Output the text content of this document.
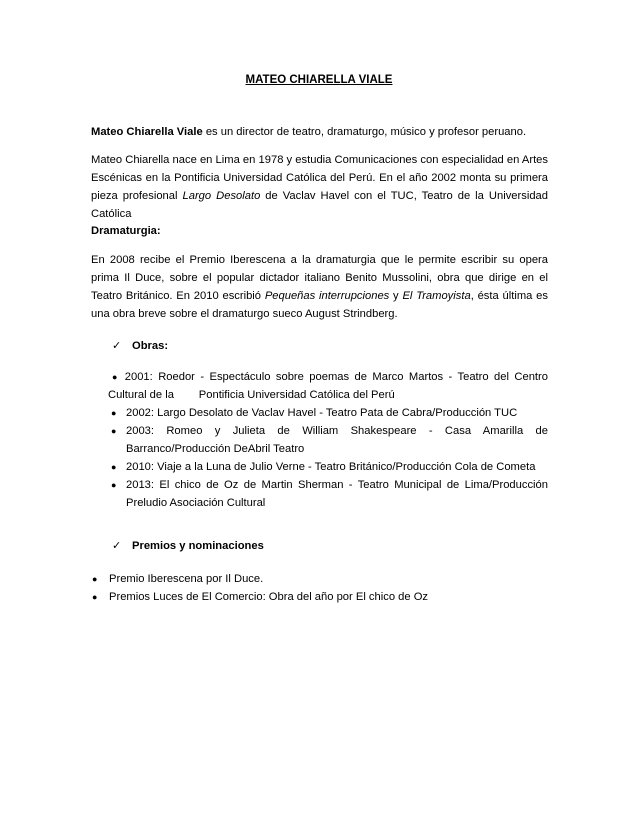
MATEO CHIARELLA VIALE

Mateo Chiarella Viale es un director de teatro, dramaturgo, músico y profesor peruano.

Mateo Chiarella nace en Lima en 1978 y estudia Comunicaciones con especialidad en Artes Escénicas en la Pontificia Universidad Católica del Perú. En el año 2002 monta su primera pieza profesional Largo Desolato de Vaclav Havel con el TUC, Teatro de la Universidad Católica

Dramaturgia:

En 2008 recibe el Premio Iberescena a la dramaturgia que le permite escribir su opera prima Il Duce, sobre el popular dictador italiano Benito Mussolini, obra que dirige en el Teatro Británico. En 2010 escribió Pequeñas interrupciones y El Tramoyista, ésta última es una obra breve sobre el dramaturgo sueco August Strindberg.

✓ Obras:
● 2001: Roedor - Espectáculo sobre poemas de Marco Martos - Teatro del Centro Cultural de la        Pontificia Universidad Católica del Perú
● 2002: Largo Desolato de Vaclav Havel - Teatro Pata de Cabra/Producción TUC
● 2003: Romeo y Julieta de William Shakespeare - Casa Amarilla de Barranco/Producción DeAbril Teatro
● 2010: Viaje a la Luna de Julio Verne - Teatro Británico/Producción Cola de Cometa
● 2013: El chico de Oz de Martin Sherman - Teatro Municipal de Lima/Producción Preludio Asociación Cultural
✓ Premios y nominaciones
● Premio Iberescena por Il Duce.
● Premios Luces de El Comercio: Obra del año por El chico de Oz
